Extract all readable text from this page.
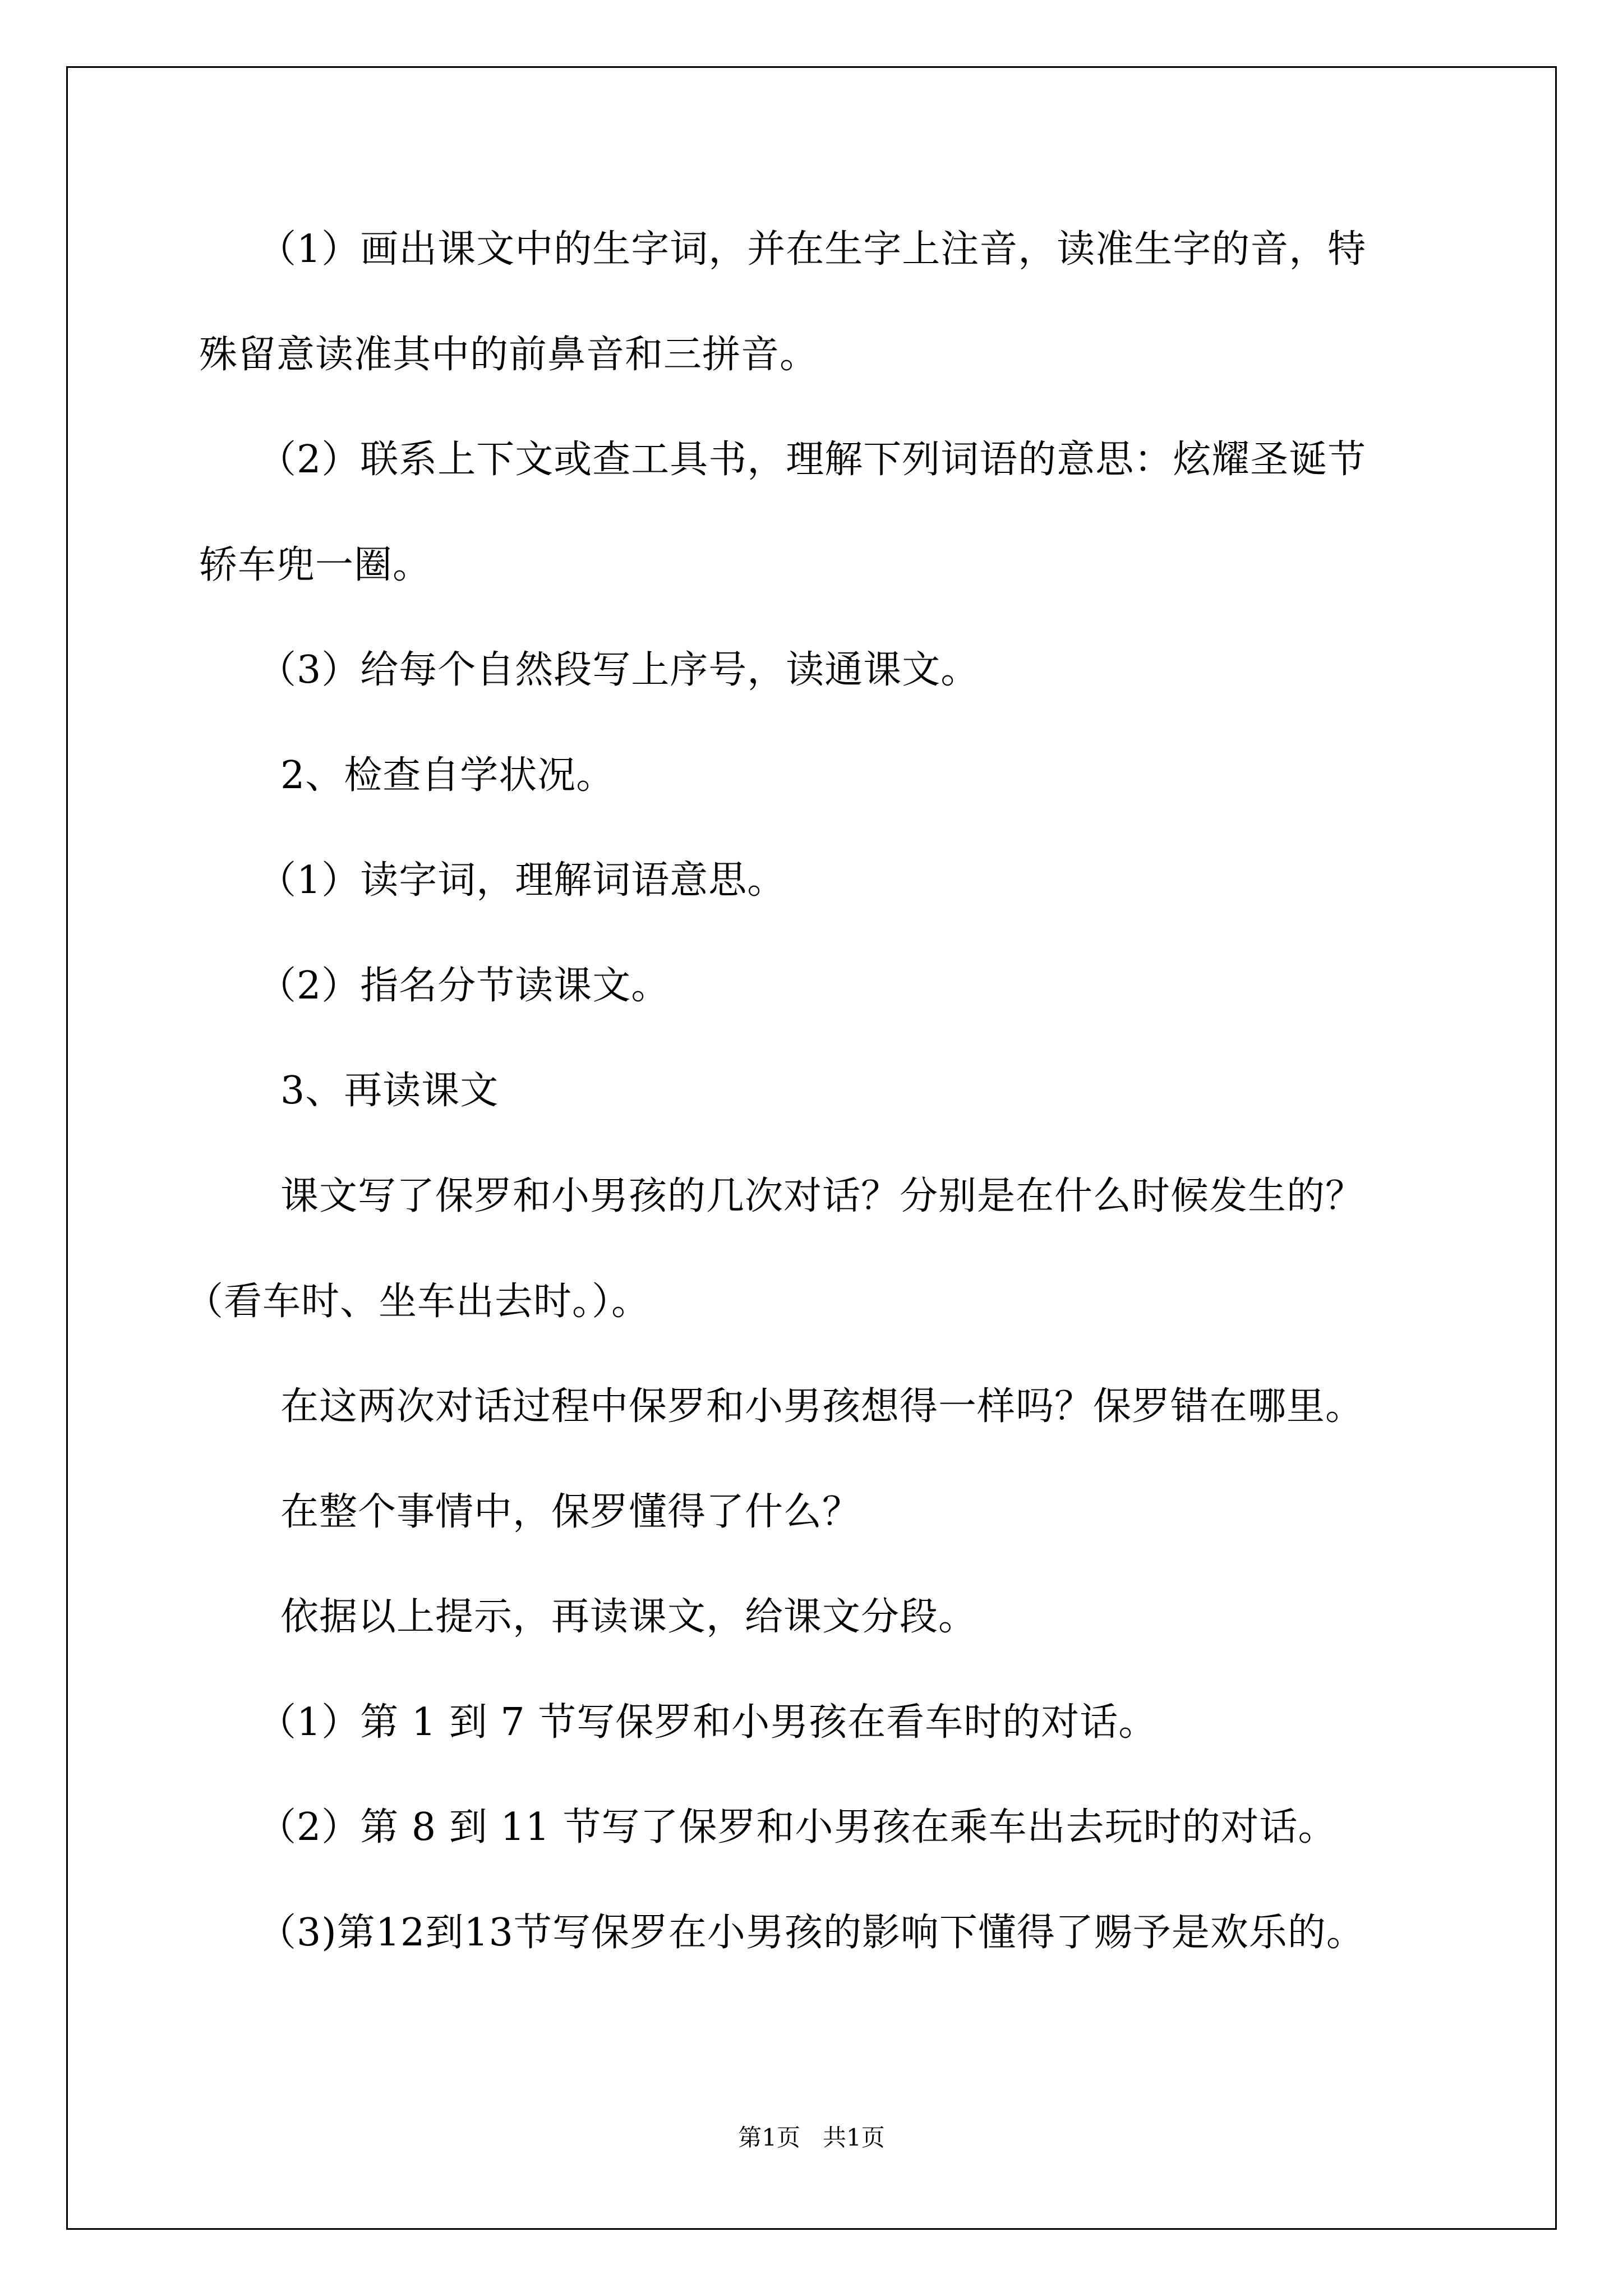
（1）画出课文中的生字词，并在生字上注音，读准生字的音，特
殊留意读准其中的前鼻音和三拼音。
（2）联系上下文或查工具书，理解下列词语的意思：炫耀圣诞节
轿车兜一圈。
（3）给每个自然段写上序号，读通课文。
2、检查自学状况。
（1）读字词，理解词语意思。
（2）指名分节读课文。
3、再读课文
课文写了保罗和小男孩的几次对话？分别是在什么时候发生的？
（看车时、坐车出去时。）。
在这两次对话过程中保罗和小男孩想得一样吗？保罗错在哪里。
在整个事情中，保罗懂得了什么？
依据以上提示，再读课文，给课文分段。
（1）第 1 到 7 节写保罗和小男孩在看车时的对话。
（2）第 8 到 11 节写了保罗和小男孩在乘车出去玩时的对话。
（3)第12到13节写保罗在小男孩的影响下懂得了赐予是欢乐的。
第1页   共1页
